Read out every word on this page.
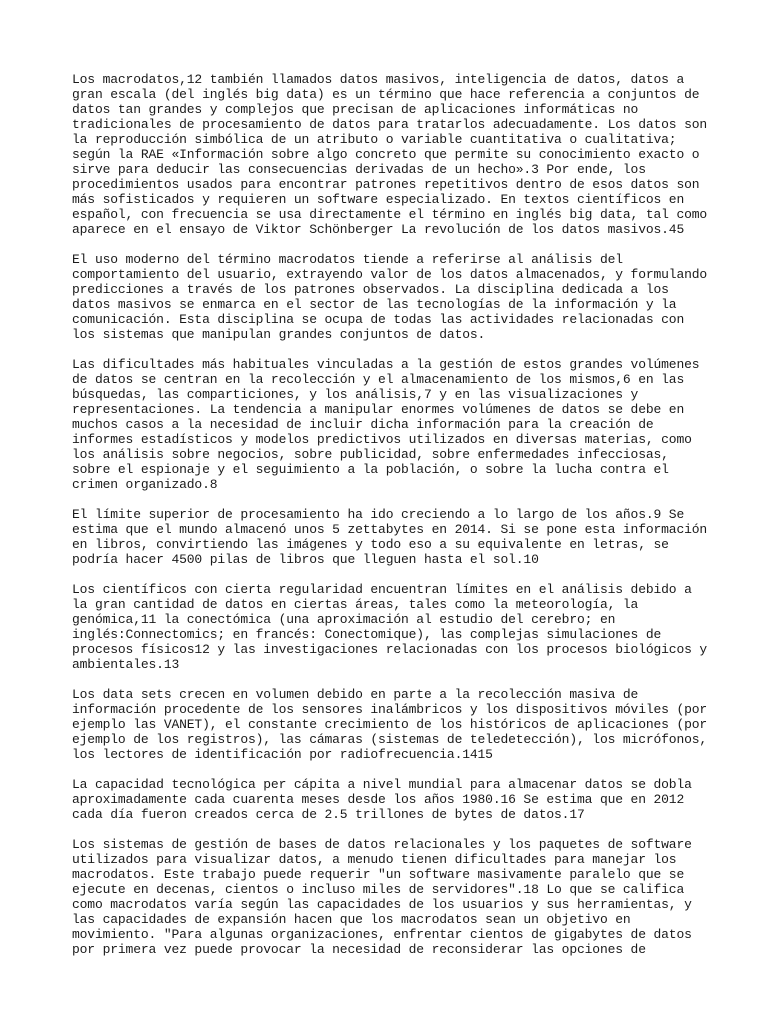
Los macrodatos,12 también llamados datos masivos, inteligencia de datos, datos a
gran escala (del inglés big data) es un término que hace referencia a conjuntos de
datos tan grandes y complejos que precisan de aplicaciones informáticas no
tradicionales de procesamiento de datos para tratarlos adecuadamente. Los datos son
la reproducción simbólica de un atributo o variable cuantitativa o cualitativa;
según la RAE «Información sobre algo concreto que permite su conocimiento exacto o
sirve para deducir las consecuencias derivadas de un hecho».3 Por ende, los
procedimientos usados para encontrar patrones repetitivos dentro de esos datos son
más sofisticados y requieren un software especializado. En textos científicos en
español, con frecuencia se usa directamente el término en inglés big data, tal como
aparece en el ensayo de Viktor Schönberger La revolución de los datos masivos.45
El uso moderno del término macrodatos tiende a referirse al análisis del
comportamiento del usuario, extrayendo valor de los datos almacenados, y formulando
predicciones a través de los patrones observados. La disciplina dedicada a los
datos masivos se enmarca en el sector de las tecnologías de la información y la
comunicación. Esta disciplina se ocupa de todas las actividades relacionadas con
los sistemas que manipulan grandes conjuntos de datos.
Las dificultades más habituales vinculadas a la gestión de estos grandes volúmenes
de datos se centran en la recolección y el almacenamiento de los mismos,6 en las
búsquedas, las comparticiones, y los análisis,7 y en las visualizaciones y
representaciones. La tendencia a manipular enormes volúmenes de datos se debe en
muchos casos a la necesidad de incluir dicha información para la creación de
informes estadísticos y modelos predictivos utilizados en diversas materias, como
los análisis sobre negocios, sobre publicidad, sobre enfermedades infecciosas,
sobre el espionaje y el seguimiento a la población, o sobre la lucha contra el
crimen organizado.8
El límite superior de procesamiento ha ido creciendo a lo largo de los años.9 Se
estima que el mundo almacenó unos 5 zettabytes en 2014. Si se pone esta información
en libros, convirtiendo las imágenes y todo eso a su equivalente en letras, se
podría hacer 4500 pilas de libros que lleguen hasta el sol.10
Los científicos con cierta regularidad encuentran límites en el análisis debido a
la gran cantidad de datos en ciertas áreas, tales como la meteorología, la
genómica,11 la conectómica (una aproximación al estudio del cerebro; en
inglés:Connectomics; en francés: Conectomique), las complejas simulaciones de
procesos físicos12 y las investigaciones relacionadas con los procesos biológicos y
ambientales.13
Los data sets crecen en volumen debido en parte a la recolección masiva de
información procedente de los sensores inalámbricos y los dispositivos móviles (por
ejemplo las VANET), el constante crecimiento de los históricos de aplicaciones (por
ejemplo de los registros), las cámaras (sistemas de teledetección), los micrófonos,
los lectores de identificación por radiofrecuencia.1415
La capacidad tecnológica per cápita a nivel mundial para almacenar datos se dobla
aproximadamente cada cuarenta meses desde los años 1980.16 Se estima que en 2012
cada día fueron creados cerca de 2.5 trillones de bytes de datos.17
Los sistemas de gestión de bases de datos relacionales y los paquetes de software
utilizados para visualizar datos, a menudo tienen dificultades para manejar los
macrodatos. Este trabajo puede requerir "un software masivamente paralelo que se
ejecute en decenas, cientos o incluso miles de servidores".18 Lo que se califica
como macrodatos varía según las capacidades de los usuarios y sus herramientas, y
las capacidades de expansión hacen que los macrodatos sean un objetivo en
movimiento. "Para algunas organizaciones, enfrentar cientos de gigabytes de datos
por primera vez puede provocar la necesidad de reconsiderar las opciones de
